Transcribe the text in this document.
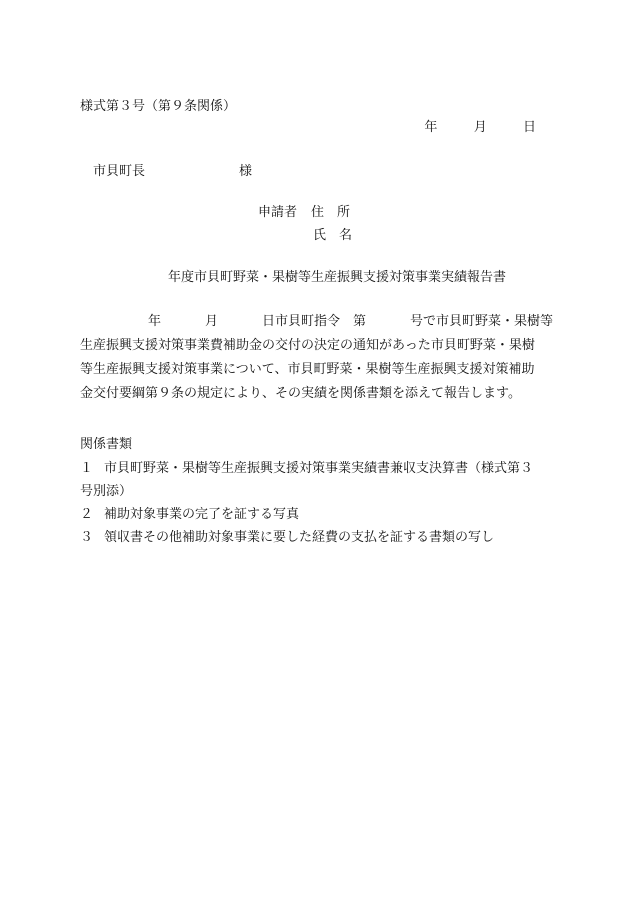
様式第３号（第９条関係）
年	月	日
市貝町長	様
申請者 住　所
氏　名
年度市貝町野菜・果樹等生産振興支援対策事業実績報告書
年	月	日市貝町指令　第	号で市貝町野菜・果樹等
生産振興支援対策事業費補助金の交付の決定の通知があった市貝町野菜・果樹
等生産振興支援対策事業について、市貝町野菜・果樹等生産振興支援対策補助
金交付要綱第９条の規定により、その実績を関係書類を添えて報告します。
関係書類
１ 市貝町野菜・果樹等生産振興支援対策事業実績書兼収支決算書（様式第３
号別添）
２ 補助対象事業の完了を証する写真
３ 領収書その他補助対象事業に要した経費の支払を証する書類の写し
